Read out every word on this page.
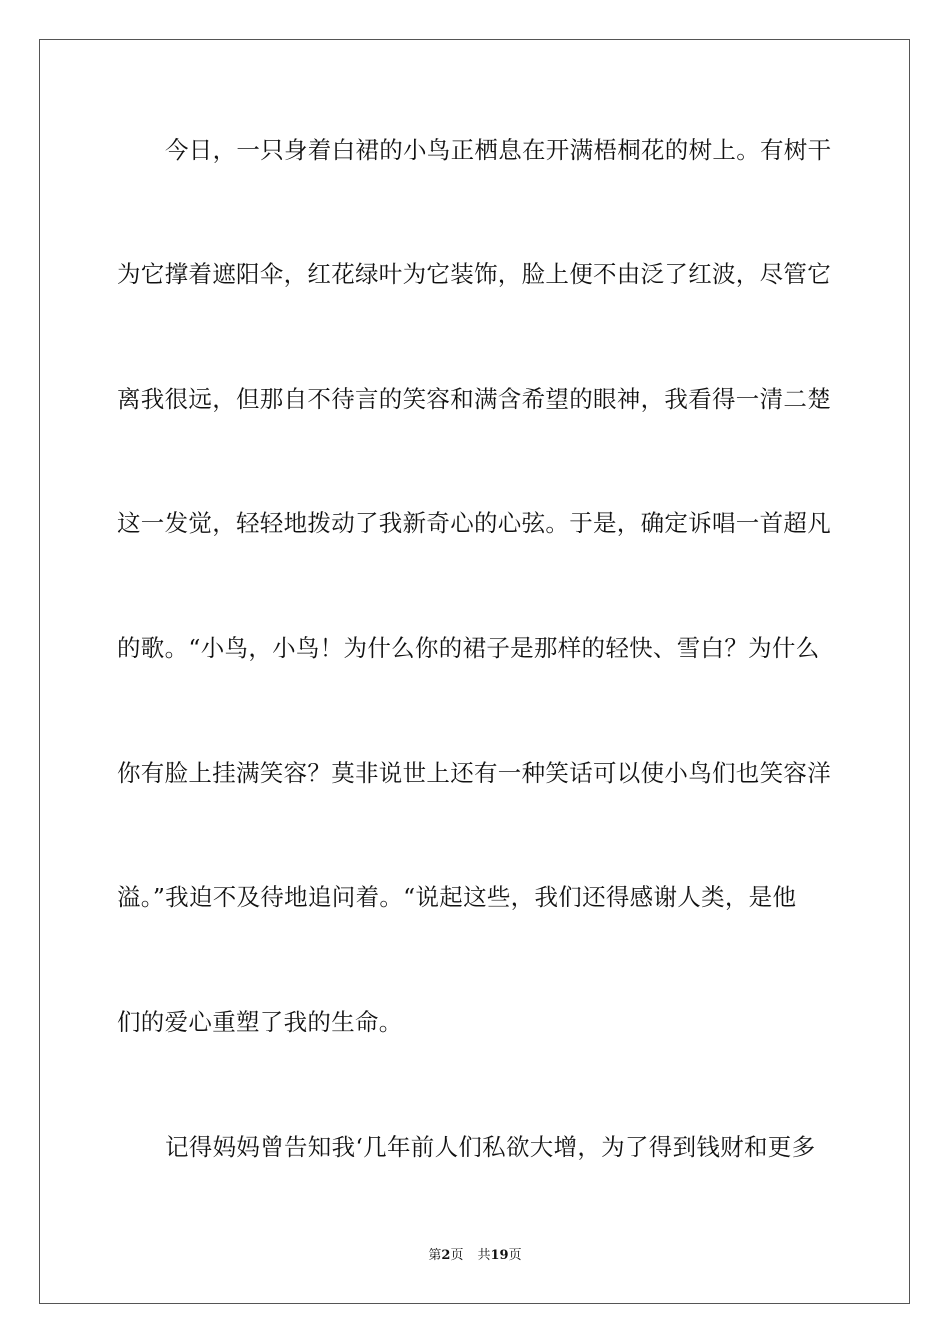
今日，一只身着白裙的小鸟正栖息在开满梧桐花的树上。有树干
为它撑着遮阳伞，红花绿叶为它装饰，脸上便不由泛了红波，尽管它
离我很远，但那自不待言的笑容和满含希望的眼神，我看得一清二楚
这一发觉，轻轻地拨动了我新奇心的心弦。于是，确定诉唱一首超凡
的歌。“小鸟，小鸟！为什么你的裙子是那样的轻快、雪白？为什么
你有脸上挂满笑容？莫非说世上还有一种笑话可以使小鸟们也笑容洋
溢。”我迫不及待地追问着。“说起这些，我们还得感谢人类，是他
们的爱心重塑了我的生命。
记得妈妈曾告知我‘几年前人们私欲大增，为了得到钱财和更多
第2页 共19页
